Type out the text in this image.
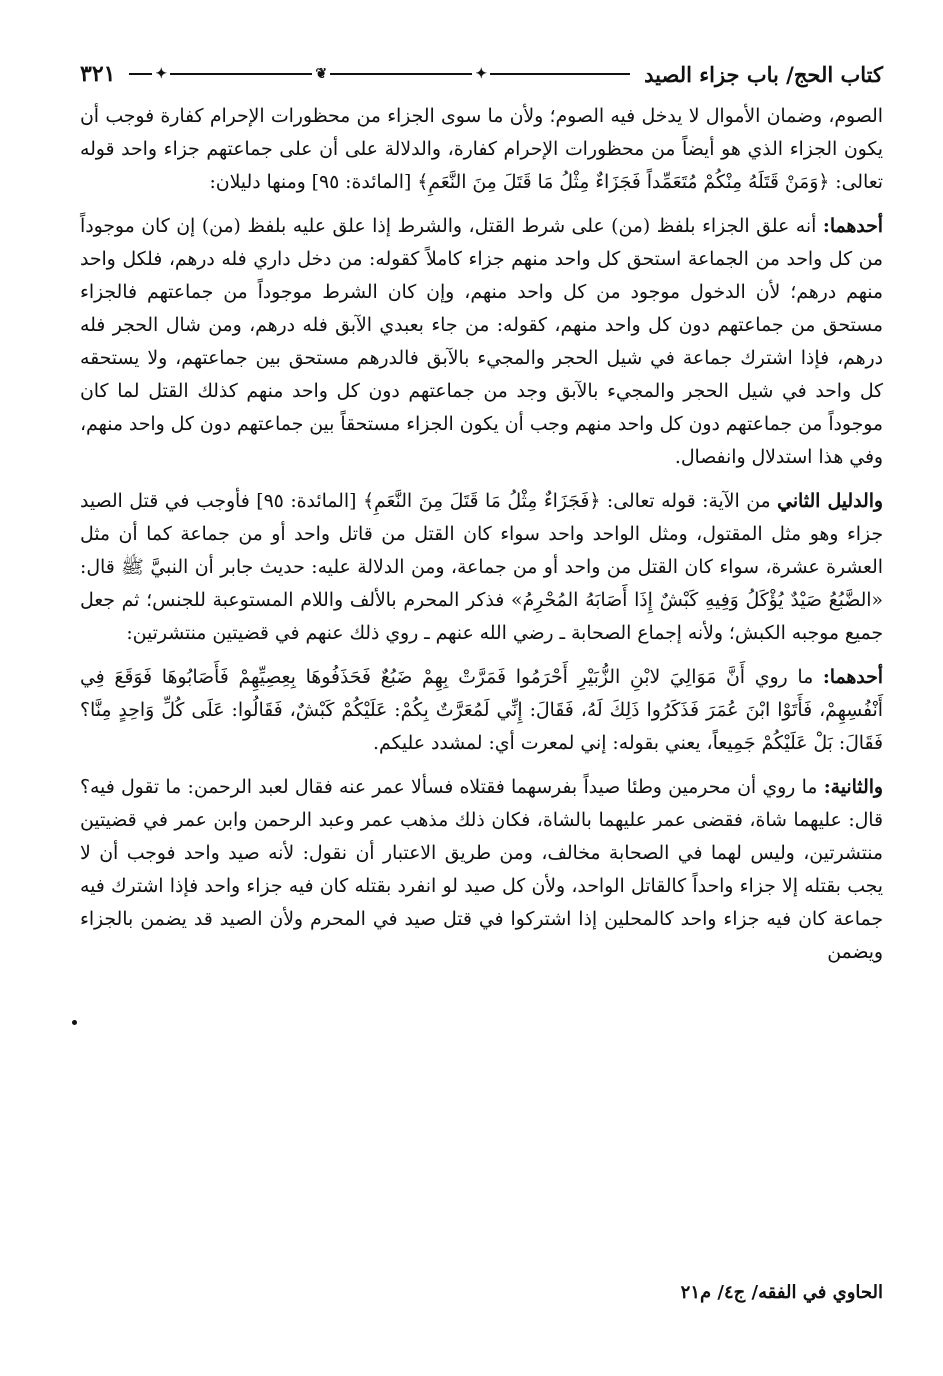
كتاب الحج/ باب جزاء الصيد
✦
❦
✦
٣٢١

الصوم، وضمان الأموال لا يدخل فيه الصوم؛ ولأن ما سوى الجزاء من محظورات الإحرام كفارة فوجب أن يكون الجزاء الذي هو أيضاً من محظورات الإحرام كفارة، والدلالة على أن على جماعتهم جزاء واحد قوله تعالى: ﴿وَمَنْ قَتَلَهُ مِنْكُمْ مُتَعَمِّداً فَجَزَاءٌ مِثْلُ مَا قَتَلَ مِنَ النَّعَمِ﴾ [المائدة: ٩٥] ومنها دليلان:

أحدهما: أنه علق الجزاء بلفظ (من) على شرط القتل، والشرط إذا علق عليه بلفظ (من) إن كان موجوداً من كل واحد من الجماعة استحق كل واحد منهم جزاء كاملاً كقوله: من دخل داري فله درهم، فلكل واحد منهم درهم؛ لأن الدخول موجود من كل واحد منهم، وإن كان الشرط موجوداً من جماعتهم فالجزاء مستحق من جماعتهم دون كل واحد منهم، كقوله: من جاء بعبدي الآبق فله درهم، ومن شال الحجر فله درهم، فإذا اشترك جماعة في شيل الحجر والمجيء بالآبق فالدرهم مستحق بين جماعتهم، ولا يستحقه كل واحد في شيل الحجر والمجيء بالآبق وجد من جماعتهم دون كل واحد منهم كذلك القتل لما كان موجوداً من جماعتهم دون كل واحد منهم وجب أن يكون الجزاء مستحقاً بين جماعتهم دون كل واحد منهم، وفي هذا استدلال وانفصال.

والدليل الثاني من الآية: قوله تعالى: ﴿فَجَزَاءٌ مِثْلُ مَا قَتَلَ مِنَ النَّعَمِ﴾ [المائدة: ٩٥] فأوجب في قتل الصيد جزاء وهو مثل المقتول، ومثل الواحد واحد سواء كان القتل من قاتل واحد أو من جماعة كما أن مثل العشرة عشرة، سواء كان القتل من واحد أو من جماعة، ومن الدلالة عليه: حديث جابر أن النبيَّ ﷺ قال: «الضَّبُعُ صَيْدٌ يُؤْكَلُ وَفِيهِ كَبْشٌ إِذَا أَصَابَهُ المُحْرِمُ» فذكر المحرم بالألف واللام المستوعبة للجنس؛ ثم جعل جميع موجبه الكبش؛ ولأنه إجماع الصحابة ـ رضي الله عنهم ـ روي ذلك عنهم في قضيتين منتشرتين:

أحدهما: ما روي أَنَّ مَوَالِيَ لابْنِ الزُّبَيْرِ أَحْرَمُوا فَمَرَّتْ بِهِمْ ضَبُعٌ فَحَذَفُوهَا بِعِصِيِّهِمْ فَأَصَابُوهَا فَوَقَعَ فِي أَنْفُسِهِمْ، فَأَتَوْا ابْنَ عُمَرَ فَذَكَرُوا ذَلِكَ لَهُ، فَقَالَ: إِنِّي لَمُعَرَّتٌ بِكُمْ: عَلَيْكُمْ كَبْشٌ، فَقَالُوا: عَلَى كُلِّ وَاحِدٍ مِنَّا؟ فَقَالَ: بَلْ عَلَيْكُمْ جَمِيعاً، يعني بقوله: إني لمعرت أي: لمشدد عليكم.

والثانية: ما روي أن محرمين وطئا صيداً بفرسهما فقتلاه فسألا عمر عنه فقال لعبد الرحمن: ما تقول فيه؟ قال: عليهما شاة، فقضى عمر عليهما بالشاة، فكان ذلك مذهب عمر وعبد الرحمن وابن عمر في قضيتين منتشرتين، وليس لهما في الصحابة مخالف، ومن طريق الاعتبار أن نقول: لأنه صيد واحد فوجب أن لا يجب بقتله إلا جزاء واحداً كالقاتل الواحد، ولأن كل صيد لو انفرد بقتله كان فيه جزاء واحد فإذا اشترك فيه جماعة كان فيه جزاء واحد كالمحلين إذا اشتركوا في قتل صيد في المحرم ولأن الصيد قد يضمن بالجزاء ويضمن

الحاوي في الفقه/ ج٤/ م٢١
